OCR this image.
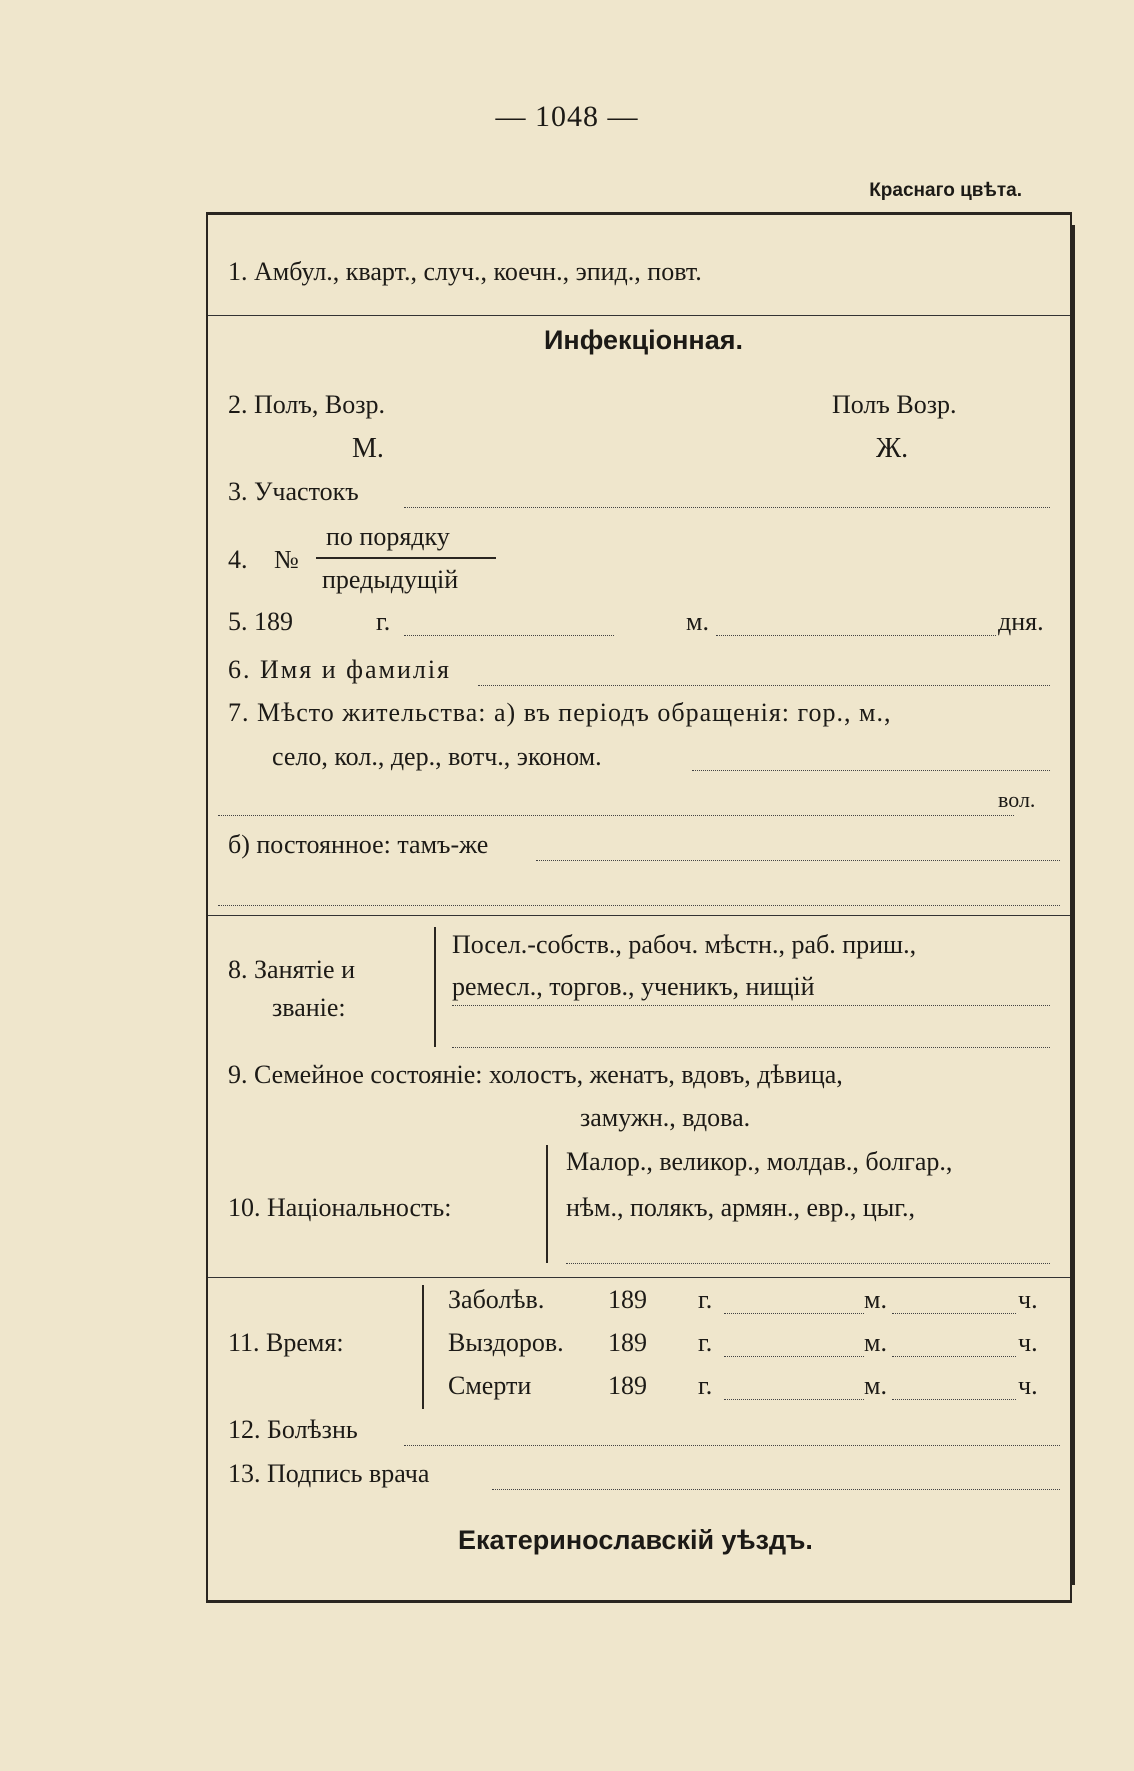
— 1048 —
Краснаго цвѣта.
1. Амбул., кварт., случ., коечн., эпид., повт.
Инфекціонная.
2. Полъ, Возр.	Полъ Возр.
М.	Ж.
3. Участокъ
4. №
по порядку
предыдущій
5. 189	г.	м.	дня.
6. Имя и фамилія
7. Мѣсто жительства: а) въ періодъ обращенія: гор., м.,
село, кол., дер., вотч., эконом.
вол.
б) постоянное: тамъ-же
8. Занятіе и
званіе:
Посел.-собств., рабоч. мѣстн., раб. приш.,
ремесл., торгов., ученикъ, нищій
9. Семейное состояніе: холостъ, женатъ, вдовъ, дѣвица,
замужн., вдова.
Малор., великор., молдав., болгар.,
10. Національность:	нѣм., полякъ, армян., евр., цыг.,
11. Время:
Заболѣв. 189 г.	м.	ч.
Выздоров. 189 г.	м.	ч.
Смерти	189 г.	м.	ч.
12. Болѣзнь
13. Подпись врача
Екатеринославскій уѣздъ.
